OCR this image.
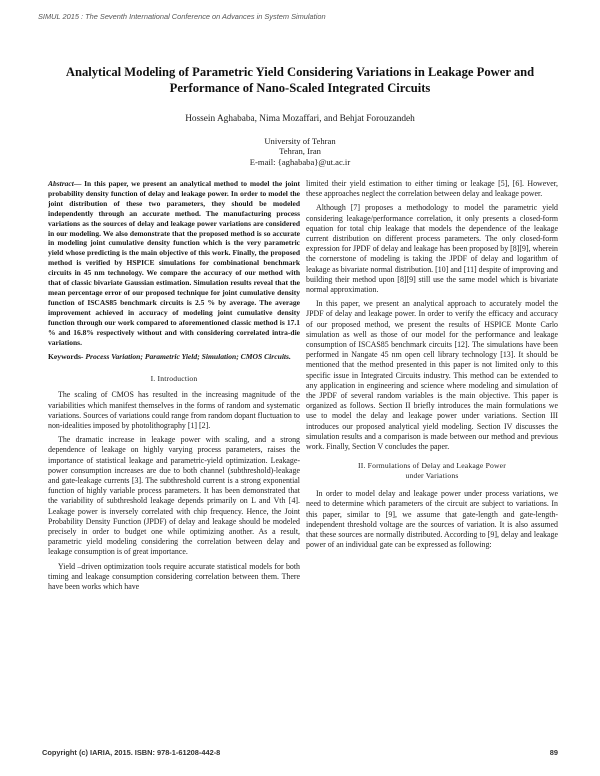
SIMUL 2015 : The Seventh International Conference on Advances in System Simulation
Analytical Modeling of Parametric Yield Considering Variations in Leakage Power and Performance of Nano-Scaled Integrated Circuits
Hossein Aghababa, Nima Mozaffari, and Behjat Forouzandeh
University of Tehran
Tehran, Iran
E-mail: {aghababa}@ut.ac.ir

Abstract— In this paper, we present an analytical method to model the joint probability density function of delay and leakage power. In order to model the joint distribution of these two parameters, they should be modeled independently through an accurate method. The manufacturing process variations as the sources of delay and leakage power variations are considered in our modeling. We also demonstrate that the proposed method is so accurate in modeling joint cumulative density function which is the very parametric yield whose predicting is the main objective of this work. Finally, the proposed method is verified by HSPICE simulations for combinational benchmark circuits in 45 nm technology. We compare the accuracy of our method with that of classic bivariate Gaussian estimation. Simulation results reveal that the mean percentage error of our proposed technique for joint cumulative density function of ISCAS85 benchmark circuits is 2.5 % by average. The average improvement achieved in accuracy of modeling joint cumulative density function through our work compared to aforementioned classic method is 17.1 % and 16.8% respectively without and with considering correlated intra-die variations.

Keywords- Process Variation; Parametric Yield; Simulation; CMOS Circuits.

I. Introduction

The scaling of CMOS has resulted in the increasing magnitude of the variabilities which manifest themselves in the forms of random and systematic variations. Sources of variations could range from random dopant fluctuation to non-idealities imposed by photolithography [1] [2].

The dramatic increase in leakage power with scaling, and a strong dependence of leakage on highly varying process parameters, raises the importance of statistical leakage and parametric-yield optimization. Leakage-power consumption increases are due to both channel (subthreshold)-leakage and gate-leakage currents [3]. The subthreshold current is a strong exponential function of highly variable process parameters. It has been demonstrated that the variability of subthreshold leakage depends primarily on L and Vth [4]. Leakage power is inversely correlated with chip frequency. Hence, the Joint Probability Density Function (JPDF) of delay and leakage should be modeled precisely in order to budget one while optimizing another. As a result, parametric yield modeling considering the correlation between delay and leakage consumption is of great importance.

Yield –driven optimization tools require accurate statistical models for both timing and leakage consumption considering correlation between them. There have been works which have

limited their yield estimation to either timing or leakage [5], [6]. However, these approaches neglect the correlation between delay and leakage power.

Although [7] proposes a methodology to model the parametric yield considering leakage/performance correlation, it only presents a closed-form equation for total chip leakage that models the dependence of the leakage current distribution on different process parameters. The only closed-form expression for JPDF of delay and leakage has been proposed by [8][9], wherein the cornerstone of modeling is taking the JPDF of delay and logarithm of leakage as bivariate normal distribution. [10] and [11] despite of improving and building their method upon [8][9] still use the same model which is bivariate normal approximation.

In this paper, we present an analytical approach to accurately model the JPDF of delay and leakage power. In order to verify the efficacy and accuracy of our proposed method, we present the results of HSPICE Monte Carlo simulation as well as those of our model for the performance and leakage consumption of ISCAS85 benchmark circuits [12]. The simulations have been performed in Nangate 45 nm open cell library technology [13]. It should be mentioned that the method presented in this paper is not limited only to this specific issue in Integrated Circuits industry. This method can be extended to any application in engineering and science where modeling and simulation of the JPDF of several random variables is the main objective. This paper is organized as follows. Section II briefly introduces the main formulations we use to model the delay and leakage power under variations. Section III introduces our proposed analytical yield modeling. Section IV discusses the simulation results and a comparison is made between our method and previous work. Finally, Section V concludes the paper.

II. Formulations of Delay and Leakage Power
under Variations

In order to model delay and leakage power under process variations, we need to determine which parameters of the circuit are subject to variations. In this paper, similar to [9], we assume that gate-length and gate-length-independent threshold voltage are the sources of variation. It is also assumed that these sources are normally distributed. According to [9], delay and leakage power of an individual gate can be expressed as following:

Copyright (c) IARIA, 2015. ISBN: 978-1-61208-442-8	89
